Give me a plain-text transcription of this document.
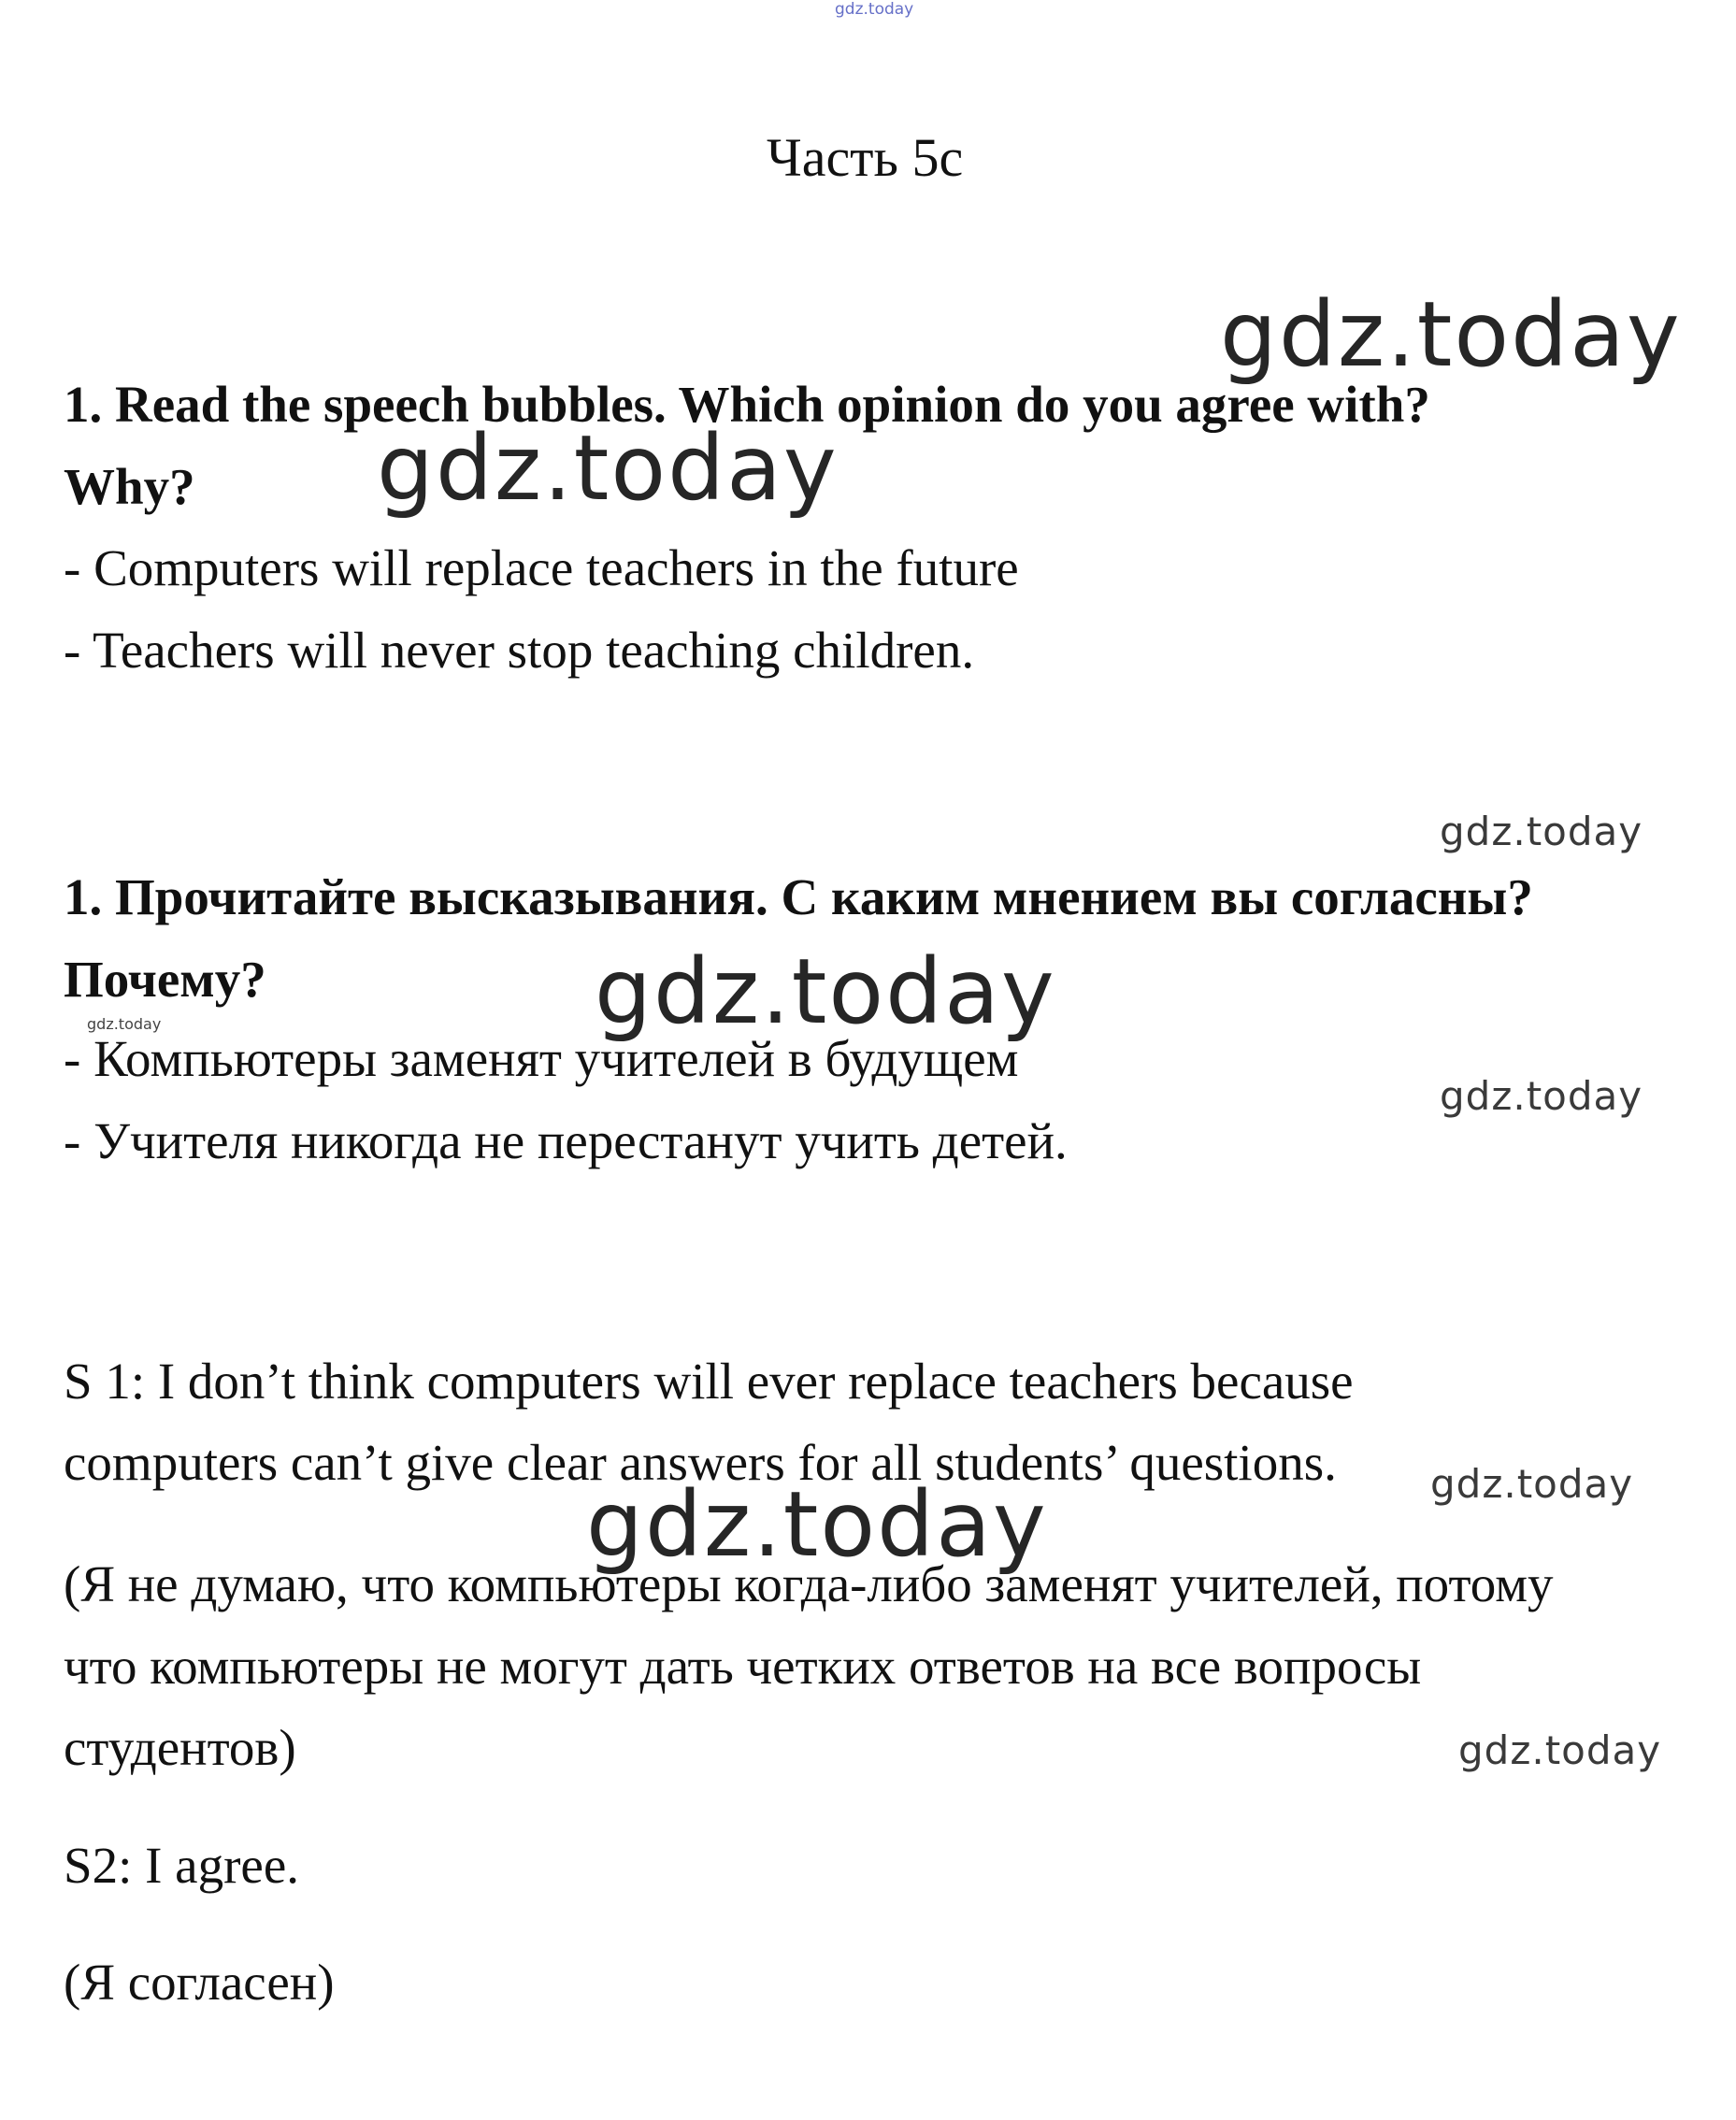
gdz.today
gdz.today
gdz.today
gdz.today
gdz.today
gdz.today
gdz.today
gdz.today
gdz.today
gdz.today
Часть 5с
1. Read the speech bubbles. Which opinion do you agree with?
Why?
- Computers will replace teachers in the future
- Teachers will never stop teaching children.
1. Прочитайте высказывания. С каким мнением вы согласны?
Почему?
- Компьютеры заменят учителей в будущем
- Учителя никогда не перестанут учить детей.
S 1: I don’t think computers will ever replace teachers because
computers can’t give clear answers for all students’ questions.
(Я не думаю, что компьютеры когда-либо заменят учителей, потому
что компьютеры не могут дать четких ответов на все вопросы
студентов)
S2: I agree.
(Я согласен)
